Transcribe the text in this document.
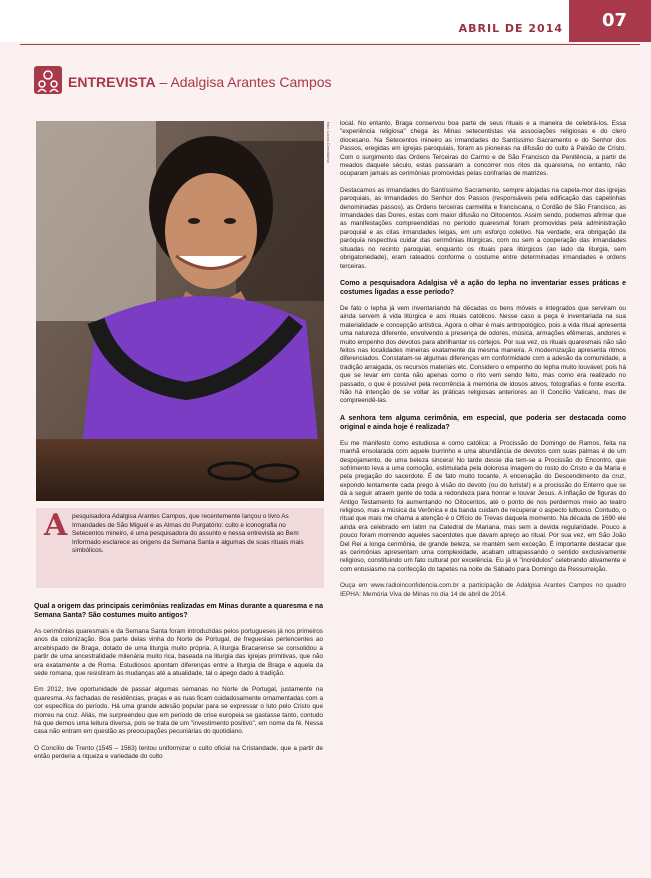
ABRIL DE 2014 07
ENTREVISTA – Adalgisa Arantes Campos
foto: Lucas Cenci/alma
A pesquisadora Adalgisa Arantes Campos, que recentemente lançou o livro As Irmandades de São Miguel e as Almas do Purgatório: culto e iconografia no Setecentos mineiro, é uma pesquisadora do assunto e nessa entrevista ao Bem Informado esclarece as origens da Semana Santa e algumas de suas rituais mais simbólicos.

Qual a origem das principais cerimônias realizadas em Minas durante a quaresma e na Semana Santa? São costumes muito antigos?

As cerimônias quaresmais e da Semana Santa foram introduzidas pelos portugueses já nos primeiros anos da colonização. Boa parte delas vinha do Norte de Portugal, de freguesias pertencentes ao arcebispado de Braga, dotado de uma liturgia muito própria. A liturgia Bracarense se consolidou a partir de uma ancestralidade milenária muito rica, baseada na liturgia das igrejas primitivas, que não era exatamente a de Roma. Estudiosos apontam diferenças entre a liturgia de Braga e aquela da sede romana, que resistiram às mudanças até a atualidade, tal o apego dado à tradição.

Em 2012, tive oportunidade de passar algumas semanas no Norte de Portugal, justamente na quaresma. As fachadas de residências, praças e as ruas ficam cuidadosamente ornamentadas com a cor específica do período. Há uma grande adesão popular para se expressar o luto pelo Cristo que morreu na cruz. Aliás, me surpreendeu que em período de crise europeia se gastasse tanto, contudo há que demos uma leitura diversa, pois se trata de um "investimento positivo", em nome da fé. Nessa casa não entram em questão as preocupações pecuniárias do quotidiano.

O Concílio de Trento (1545 – 1563) tentou uniformizar o culto oficial na Cristandade, que a partir de então perderia a riqueza e variedade do culto

local. No entanto, Braga conservou boa parte de seus rituais e a maneira de celebrá-los. Essa "experiência religiosa" chega às Minas setecentistas via associações religiosas e do clero diocesano. Na Setecentos mineiro as irmandades do Santíssimo Sacramento e do Senhor dos Passos, eregidas em igrejas paroquiais, foram as pioneiras na difusão do culto à Paixão de Cristo. Com o surgimento das Ordens Terceiras do Carmo e de São Francisco da Penitência, a partir de meados daquele século, estas passaram a concorrer nos ritos da quaresma, no entanto, não ocuparam jamais as cerimônias promovidas pelas confrarias de matrizes.

Destacamos as irmandades do Santíssimo Sacramento, sempre alojadas na capela-mor das igrejas paroquiais, as Irmandades do Senhor dos Passos (responsáveis pela edificação das capelinhas denominadas passos), as Ordens terceiras carmelita e franciscana, o Cordão de São Francisco, as Irmandades das Dores, estas com maior difusão no Oitocentos. Assim sendo, podemos afirmar que as manifestações compreendidas no período quaresmal foram promovidas pela administração paroquial e as citas irmandades leigas, em um esforço coletivo. Na verdade, era obrigação da paróquia respectiva cuidar das cerimônias litúrgicas, com ou sem a cooperação das irmandades situadas no recinto paroquial, enquanto os rituais para litúrgicos (ao lado da liturgia, sem obrigatoriedade), eram rateados conforme o costume entre determinadas irmandades e ordens terceiras.

Como a pesquisadora Adalgisa vê a ação do Iepha no inventariar esses práticas e costumes ligadas a esse período?

De fato o Iepha já vem inventariando há décadas os bens móveis e integrados que serviram ou ainda servem à vida litúrgica e aos rituais católicos. Nesse caso a peça é inventariada na sua materialidade e concepção artística. Agora o olhar é mais antropológico, pois a vida ritual apresenta uma natureza diferente, envolvendo a presença de odores, música, armações efêmeras, andores e muito empenho dos devotos para abrilhantar os cortejos. Por sua vez, os rituais quaresmais não são feitos nas localidades mineiras exatamente da mesma maneira. A modernização apresenta ritmos diferenciados. Constatam-se algumas diferenças em conformidade com a adesão da comunidade, a tradição arraigada, os recursos materiais etc. Considero o empenho do Iepha muito louvável; pois há que se levar em conta não apenas como o rito vem sendo feito, mas como era realizado no passado, o que é possível pela recorrência à memória de idosos ativos, fotografias e fonte escrita. Não há intenção de se voltar às práticas religiosas anteriores ao II Concílio Vaticano, mas de compreendê-las.

A senhora tem alguma cerimônia, em especial, que poderia ser destacada como original e ainda hoje é realizada?

Eu me manifesto como estudiosa e como católica: a Procissão do Domingo de Ramos, feita na manhã ensolarada com aquele burrinho e uma abundância de devotos com suas palmas é de um despojamento, de uma beleza sincera! No tarde desse dia tem-se a Procissão do Encontro, que sofrimento leva a uma comoção, estimulada pela dolorosa imagem do rosto do Cristo e da Maria e pela pregação do sacerdote. É de fato muito tocante. A encenação do Descendimento da cruz, expondo lentamente cada prego à visão do devoto (ou do turista!) e a procissão do Enterro que se dá a seguir atraem gente de toda a redondeza para honrar e louvar Jesus. A inflação de figuras do Antigo Testamento foi aumentando no Oitocentos, até o ponto de nos perdermos meio ao teatro religioso, mas a música da Verônica e da banda cuidam de recuperar o aspecto luttuoso. Contudo, o ritual que mais me chama a atenção é o Ofício de Trevas daquela momento. Na década de 1690 ele ainda era celebrado em latim na Catedral de Mariana, mas sem a devida regularidade. Pouco a pouco foram morrendo aqueles sacerdotes que davam apreço ao ritual. Por sua vez, em São João Del Rei a longa cerimônia, de grande beleza, se mantém sem exceção. É importante destacar que as cerimônias apresentam uma complexidade, acabam ultrapassando o sentido exclusivamente religioso, constituindo um fato cultural por excelência. Eu já vi "incrédulos" celebrando ativamente e com entusiasmo na confecção do tapetes na noite de Sábado para Domingo da Ressurreição.

Ouça em www.radioinconfidencia.com.br a participação de Adalgisa Arantes Campos no quadro IEPHA: Memória Viva de Minas no dia 14 de abril de 2014.
